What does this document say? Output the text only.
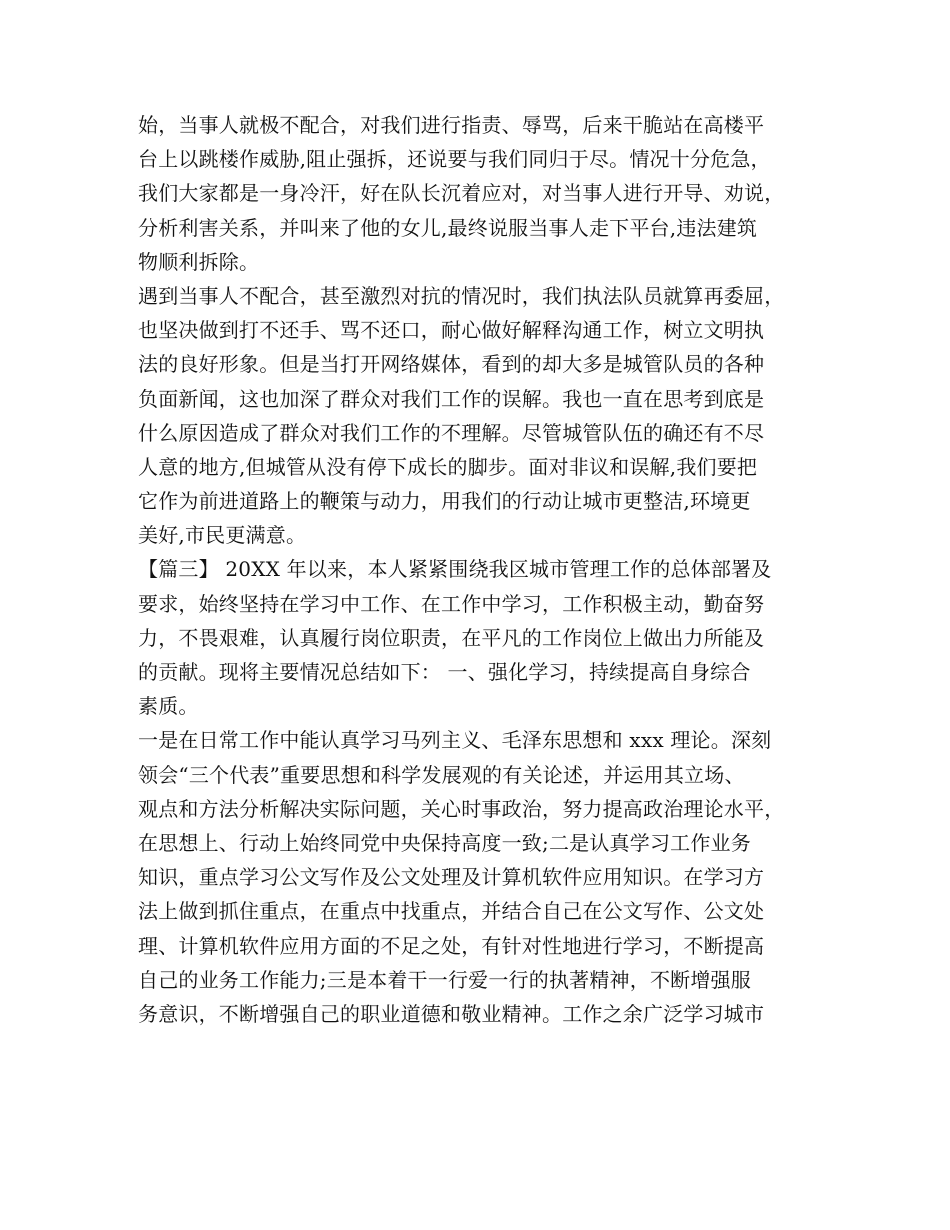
始，当事人就极不配合，对我们进行指责、辱骂，后来干脆站在高楼平
台上以跳楼作威胁,阻止强拆，还说要与我们同归于尽。情况十分危急，
我们大家都是一身冷汗，好在队长沉着应对，对当事人进行开导、劝说，
分析利害关系，并叫来了他的女儿,最终说服当事人走下平台,违法建筑
物顺利拆除。
遇到当事人不配合，甚至激烈对抗的情况时，我们执法队员就算再委屈，
也坚决做到打不还手、骂不还口，耐心做好解释沟通工作，树立文明执
法的良好形象。但是当打开网络媒体，看到的却大多是城管队员的各种
负面新闻，这也加深了群众对我们工作的误解。我也一直在思考到底是
什么原因造成了群众对我们工作的不理解。尽管城管队伍的确还有不尽
人意的地方,但城管从没有停下成长的脚步。面对非议和误解,我们要把
它作为前进道路上的鞭策与动力，用我们的行动让城市更整洁,环境更
美好,市民更满意。
【篇三】 20XX 年以来，本人紧紧围绕我区城市管理工作的总体部署及
要求，始终坚持在学习中工作、在工作中学习，工作积极主动，勤奋努
力，不畏艰难，认真履行岗位职责，在平凡的工作岗位上做出力所能及
的贡献。现将主要情况总结如下： 一、强化学习，持续提高自身综合
素质。
一是在日常工作中能认真学习马列主义、毛泽东思想和 xxx 理论。深刻
领会“三个代表”重要思想和科学发展观的有关论述，并运用其立场、
观点和方法分析解决实际问题，关心时事政治，努力提高政治理论水平，
在思想上、行动上始终同党中央保持高度一致;二是认真学习工作业务
知识，重点学习公文写作及公文处理及计算机软件应用知识。在学习方
法上做到抓住重点，在重点中找重点，并结合自己在公文写作、公文处
理、计算机软件应用方面的不足之处，有针对性地进行学习，不断提高
自己的业务工作能力;三是本着干一行爱一行的执著精神，不断增强服
务意识，不断增强自己的职业道德和敬业精神。工作之余广泛学习城市
